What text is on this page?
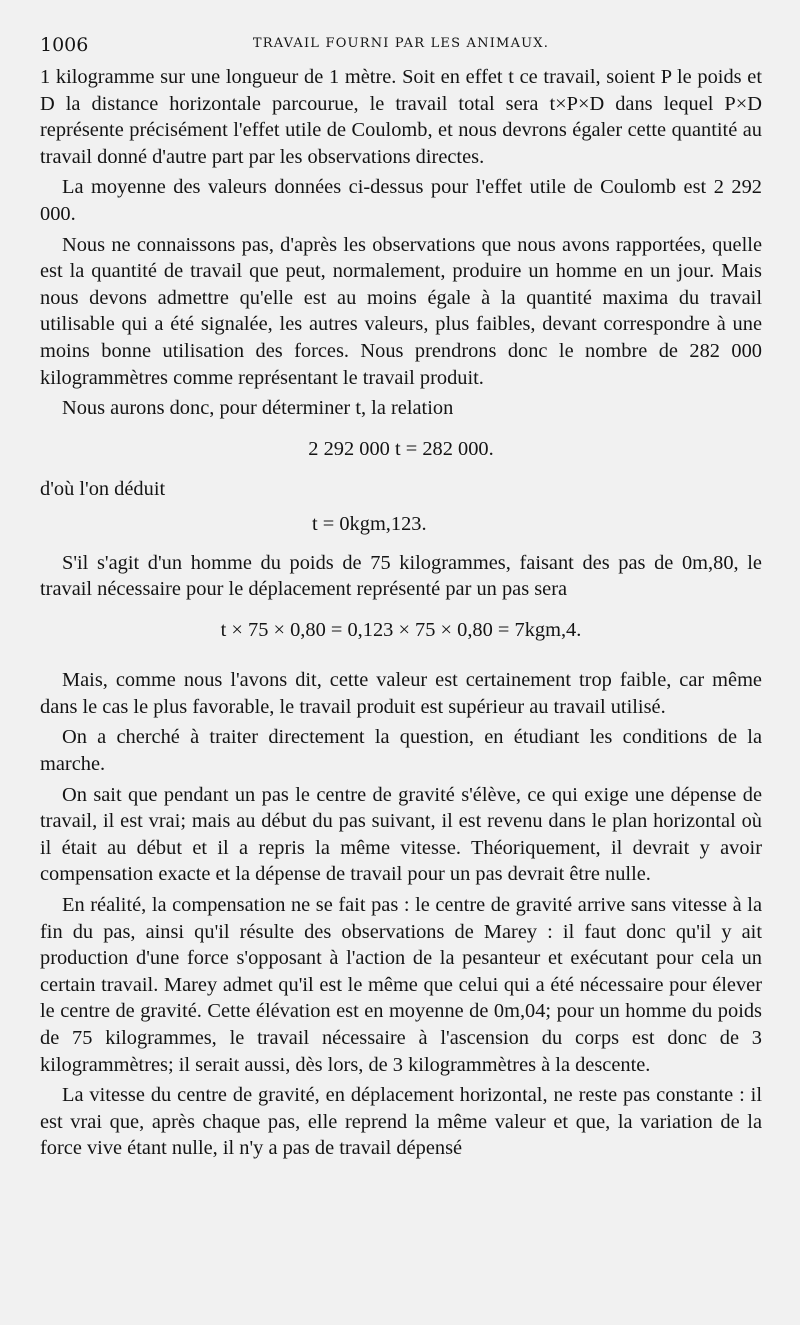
1006	TRAVAIL FOURNI PAR LES ANIMAUX.

1 kilogramme sur une longueur de 1 mètre. Soit en effet t ce travail, soient P le poids et D la distance horizontale parcourue, le travail total sera t×P×D dans lequel P×D représente précisément l'effet utile de Coulomb, et nous devrons égaler cette quantité au travail donné d'autre part par les observations directes.

La moyenne des valeurs données ci-dessus pour l'effet utile de Coulomb est 2 292 000.

Nous ne connaissons pas, d'après les observations que nous avons rapportées, quelle est la quantité de travail que peut, normalement, produire un homme en un jour. Mais nous devons admettre qu'elle est au moins égale à la quantité maxima du travail utilisable qui a été signalée, les autres valeurs, plus faibles, devant correspondre à une moins bonne utilisation des forces. Nous prendrons donc le nombre de 282 000 kilogrammètres comme représentant le travail produit.

Nous aurons donc, pour déterminer t, la relation

2 292 000 t = 282 000.

d'où l'on déduit

t = 0kgm,123.

S'il s'agit d'un homme du poids de 75 kilogrammes, faisant des pas de 0m,80, le travail nécessaire pour le déplacement représenté par un pas sera

t × 75 × 0,80 = 0,123 × 75 × 0,80 = 7kgm,4.

Mais, comme nous l'avons dit, cette valeur est certainement trop faible, car même dans le cas le plus favorable, le travail produit est supérieur au travail utilisé.

On a cherché à traiter directement la question, en étudiant les conditions de la marche.

On sait que pendant un pas le centre de gravité s'élève, ce qui exige une dépense de travail, il est vrai; mais au début du pas suivant, il est revenu dans le plan horizontal où il était au début et il a repris la même vitesse. Théoriquement, il devrait y avoir compensation exacte et la dépense de travail pour un pas devrait être nulle.

En réalité, la compensation ne se fait pas : le centre de gravité arrive sans vitesse à la fin du pas, ainsi qu'il résulte des observations de Marey : il faut donc qu'il y ait production d'une force s'opposant à l'action de la pesanteur et exécutant pour cela un certain travail. Marey admet qu'il est le même que celui qui a été nécessaire pour élever le centre de gravité. Cette élévation est en moyenne de 0m,04; pour un homme du poids de 75 kilogrammes, le travail nécessaire à l'ascension du corps est donc de 3 kilogrammètres; il serait aussi, dès lors, de 3 kilogrammètres à la descente.

La vitesse du centre de gravité, en déplacement horizontal, ne reste pas constante : il est vrai que, après chaque pas, elle reprend la même valeur et que, la variation de la force vive étant nulle, il n'y a pas de travail dépensé
